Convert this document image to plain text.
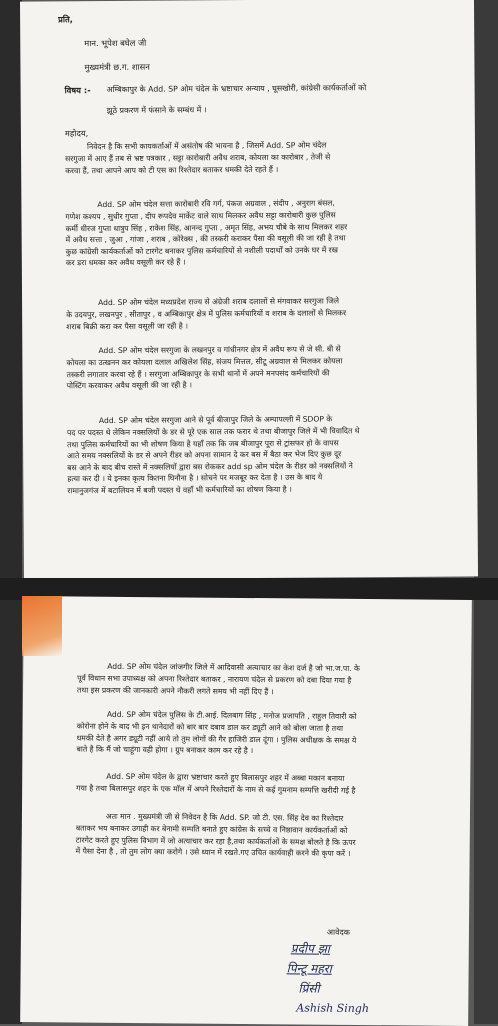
प्रति,
मान. भूपेश बघेल जी
मुख्यमंत्री छ.ग. शासन
विषय :- अम्बिकापुर के Add. SP ओम चंदेल के भ्रष्टाचार अन्याय , घूसखोरी, कांग्रेसी कार्यकर्ताओं को
झूठे प्रकरण में फंसाने के सम्बंध में ।
महोदय,
निवेदन है कि सभी कायकर्ताओं में असंतोष की भावना है , जिसमें Add. SP ओम चंदेल
सरगुजा में आए हैं तब से भ्रष्ट पत्रकार , सट्टा कारोबारी अवैध शराब, कोयला का कारोबार , तेजी से
करवा हैं, तथा आपने आप को टी एस का रिश्तेदार बताकर धमकी देते रहते हैं ।
Add. SP ओम चंदेल सत्ता कारोबारी रवि गर्ग, पंकज अग्रवाल , संदीप , अनुराग बंसल,
गणेश कश्यप , सुधीर गुप्ता , दीप रूपदेव मार्केट वाले साथ मिलकर अवैध सट्टा कारोबारी कुछ पुलिस
कर्मी धीरज गुप्ता धात्रुप सिंह , राकेश सिंह, आनन्द गुप्ता , अमृत सिंह, अभय चौबे के साथ मिलकर शहर
में अवैध सत्ता , जुआ , गांजा , शराब , कोरेक्स , की तस्करी कराकर पैसा की वसूली की जा रही है तथा
कुछ कांग्रेसी कार्यकर्ताओं को टारगेट बनाकर पुलिस कर्मचारियों से नशीली पदार्थों को उनके घर में रख
कर डरा धमका कर अवैध वसूली कर रहे हैं ।
Add. SP ओम चंदेल मध्यप्रदेश राज्य से अंग्रेजी शराब दलालों से मंगवाकर सरगुजा जिले
के उदयपुर, लखनपुर , सीतापुर , व अम्बिकापुर क्षेत्र में पुलिस कर्मचारियों व शराब के दलालों से मिलकर
शराब बिक्री करा कर पैसा वसूली जा रही है ।
Add. SP ओम चंदेल सरगुजा के लखनपुर व गांधीनगर क्षेत्र में अवैध रूप से जे सी. बी से
कोयला का उत्खनन कर कोयला दलाल अखिलेश सिंह, संजय मित्तल, सीटू अग्रवाल से मिलकर कोयला
तस्करी लगातार करवा रहे हैं । सरगुजा अम्बिकापुर के सभी थानों में अपने मनपसंद कर्मचारियों की
पोस्टिंग करवाकर अवैध वसूली की जा रही है ।
Add. SP ओम चंदेल सरगुजा आने से पूर्व बीजापुर जिले के अम्पापल्ली में SDOP के
पद पर पदस्त थे लेकिन नक्सलियों के डर से पूरे एक साल तक फरार थे तथा बीजापुर जिले में भी विवादित थे
तथा पुलिस कर्मचारियों का भी शोषण किया है यहाँ तक कि जब बीजापुर पूरा से ट्रांसफर हो के वापस
आते समय नक्सलियों के डर से अपने रीडर को अपना सामान दे कर बस में बैठा कर भेज दिए कुछ दूर
बस आने के बाद बीच रास्ते में नक्सलियों द्वारा बस रोककर add sp ओम चंदेल के रीडर को नक्सलियों ने
हत्या कर दी । ये इनका कृत्य कितना घिनौना है । सोचने पर मजबूर कर देता है । उस के बाद ये
रामानुजगंज में बटालियन में बजी पदस्त थे वहाँ भी कर्मचारियों का शोषण किया है ।
Add. SP ओम चंदेल जांजगीर जिले में आदिवासी अत्याचार का केश दर्ज है जो भा.ज.पा. के
पूर्व विधान सभा उपाध्यक्ष को अपना रिश्तेदार बताकर , नारायण चंदेल से प्रकरण को दबा दिया गया है
तथा इस प्रकरण की जानकारी अपने नौकरी लगते समय भी नहीं दिए हैं ।
Add. SP ओम चंदेल पुलिस के टी.आई. दिलबाग सिंह , मनोज प्रजापति , राहुल तिवारी को
कोरोना होने के बाद भी इन थानेदारों को बार बार दबाव डाल कर ड्यूटी आने को बोला जाता है तथा
धमकी देते है अगर ड्यूटी नहीं आये तो तुम लोगों की गैर हाजिरी डाल दूंगा । पुलिस अधीक्षक के समक्ष ये
बाते है कि मैं जो चाहूंगा वही होगा । ग्रुप बनाकर काम कर रहे है ।
Add. SP ओम चंदेल के द्वारा भ्रष्टाचार करते हुए बिलासपुर शहर में अब्बा मकान बनाया
गया है तथा बिलासपुर शहर के एक मॉल में अपने रिश्तेदारों के नाम से कई गुमनाम सम्पत्ति खरीदी गई है
अतः मान . मुख्यमंत्री जी से निवेदन है कि Add. SP. जो टी. एस. सिंह देव का रिश्तेदार
बताकर भय बनाकर उगाही कर बेनामी सम्पति बनाते हुए कांग्रेस के सच्चे व निष्ठावान कार्यकर्ताओं को
टारगेट करते हुए पुलिस विभाग में जो अत्याचार कर रहा है,तथा कार्यकर्ताओं के समक्ष बोलते है कि ऊपर
में पैसा देना है , तो तुम लोग क्या करोगे । उसे ध्यान में रखते.गए उचित कार्यवाही करने की कृपा करें ।
आवेदक
प्रदीप झा
पिन्टू महरा
प्रिंसी
Ashish Singh
